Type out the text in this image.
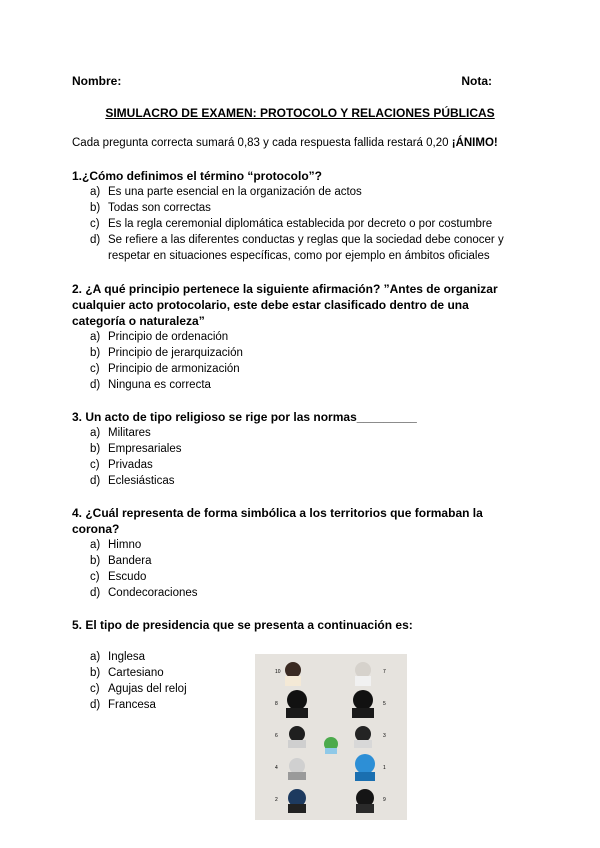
Nombre:	Nota:
SIMULACRO DE EXAMEN: PROTOCOLO Y RELACIONES PÚBLICAS
Cada pregunta correcta sumará 0,83 y cada respuesta fallida restará 0,20 ¡ÁNIMO!
1.¿Cómo definimos el término “protocolo”?
a) Es una parte esencial en la organización de actos
b) Todas son correctas
c) Es la regla ceremonial diplomática establecida por decreto o por costumbre
d) Se refiere a las diferentes conductas y reglas que la sociedad debe conocer y respetar en situaciones específicas, como por ejemplo en ámbitos oficiales
2. ¿A qué principio pertenece la siguiente afirmación? ”Antes de organizar cualquier acto protocolario, este debe estar clasificado dentro de una categoría o naturaleza”
a) Principio de ordenación
b) Principio de jerarquización
c) Principio de armonización
d) Ninguna es correcta
3. Un acto de tipo religioso se rige por las normas_________
a) Militares
b) Empresariales
c) Privadas
d) Eclesiásticas
4. ¿Cuál representa de forma simbólica a los territorios que formaban la corona?
a) Himno
b) Bandera
c) Escudo
d) Condecoraciones
5. El tipo de presidencia que se presenta a continuación es:
a) Inglesa
b) Cartesiano
c) Agujas del reloj
d) Francesa
10
8
6
4
2
7
5
3
1
9
